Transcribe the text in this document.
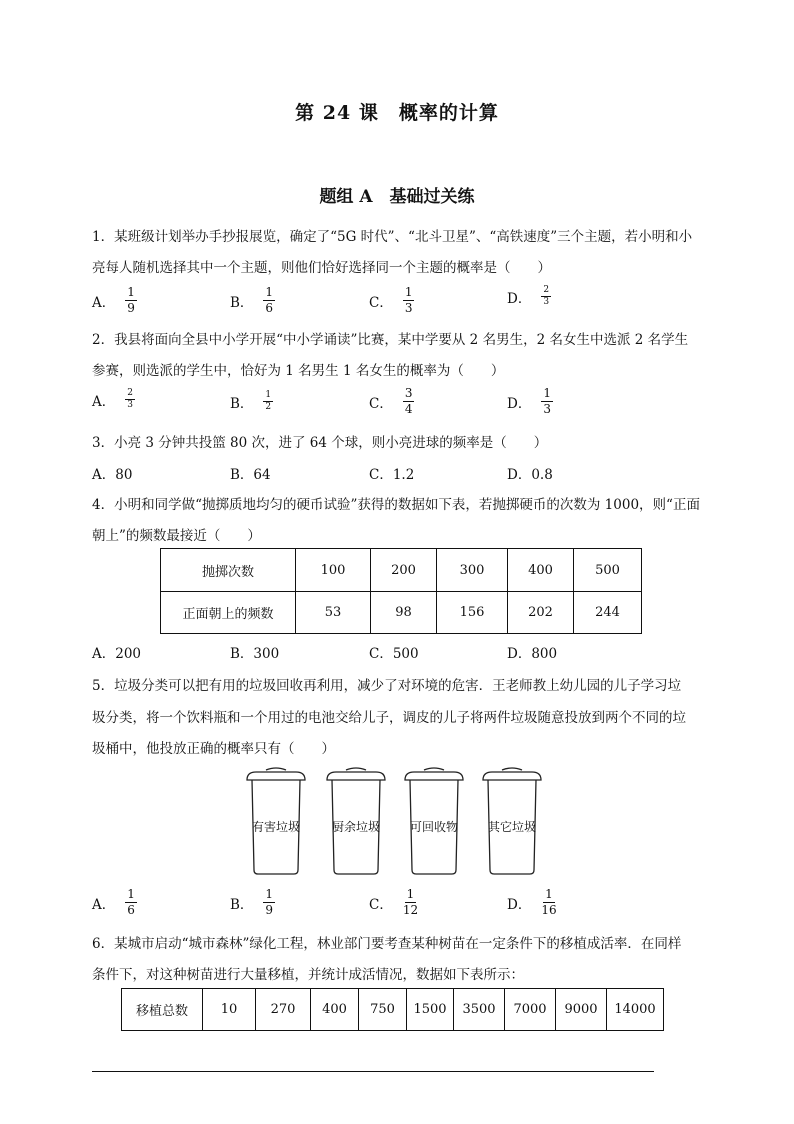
第 24 课　概率的计算
题组 A　基础过关练
1．某班级计划举办手抄报展览，确定了“5G 时代”、“北斗卫星”、“高铁速度”三个主题，若小明和小
亮每人随机选择其中一个主题，则他们恰好选择同一个主题的概率是（　　）
A． $\frac{1}{9}$	B． $\frac{1}{6}$	C． $\frac{1}{3}$	D． $\frac{2}{3}$
2．我县将面向全县中小学开展“中小学诵读”比赛，某中学要从 2 名男生，2 名女生中选派 2 名学生
参赛，则选派的学生中，恰好为 1 名男生 1 名女生的概率为（　　）
A． $\frac{2}{3}$	B． $\frac{1}{2}$	C． $\frac{3}{4}$	D． $\frac{1}{3}$
3．小亮 3 分钟共投篮 80 次，进了 64 个球，则小亮进球的频率是（　　）
A．80	B．64	C．1.2	D．0.8
4．小明和同学做“抛掷质地均匀的硬币试验”获得的数据如下表，若抛掷硬币的次数为 1000，则“正面
朝上”的频数最接近（　　）
抛掷次数	100	200	300	400	500
正面朝上的频数	53	98	156	202	244
A．200	B．300	C．500	D．800
5．垃圾分类可以把有用的垃圾回收再利用，减少了对环境的危害．王老师教上幼儿园的儿子学习垃
圾分类，将一个饮料瓶和一个用过的电池交给儿子，调皮的儿子将两件垃圾随意投放到两个不同的垃
圾桶中，他投放正确的概率只有（　　）
有害垃圾	厨余垃圾	可回收物	其它垃圾
A． $\frac{1}{6}$	B． $\frac{1}{9}$	C． $\frac{1}{12}$	D． $\frac{1}{16}$
6．某城市启动“城市森林”绿化工程，林业部门要考查某种树苗在一定条件下的移植成活率．在同样
条件下，对这种树苗进行大量移植，并统计成活情况，数据如下表所示：
移植总数	10	270	400	750	1500	3500	7000	9000	14000
